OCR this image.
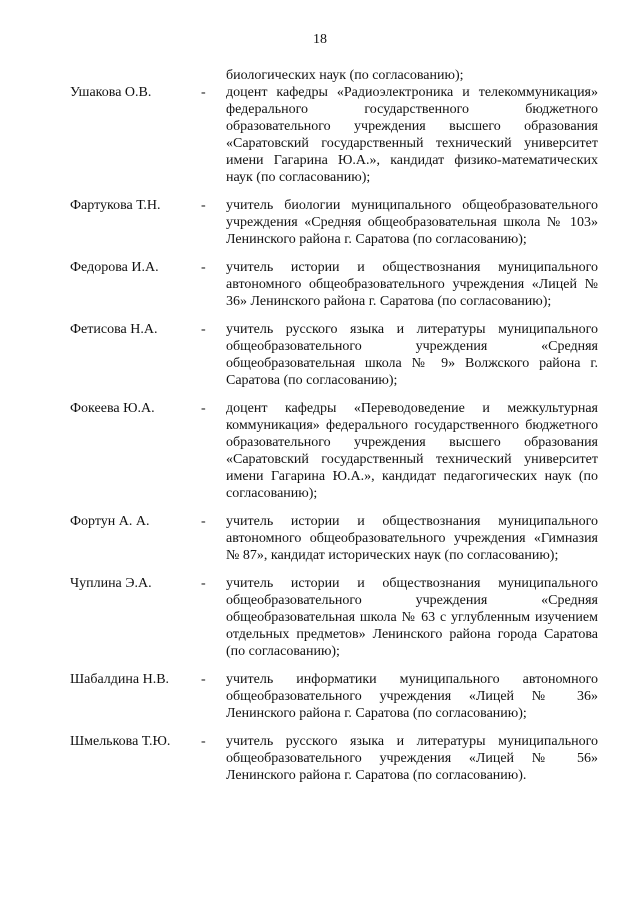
18
биологических наук (по согласованию);
Ушакова О.В.	- доцент кафедры «Радиоэлектроника и телекоммуникация» федерального государственного бюджетного образовательного учреждения высшего образования «Саратовский государственный технический университет имени Гагарина Ю.А.», кандидат физико-математических наук (по согласованию);
Фартукова Т.Н.	- учитель биологии муниципального общеобразовательного учреждения «Средняя общеобразовательная школа № 103» Ленинского района г. Саратова (по согласованию);
Федорова И.А.	- учитель истории и обществознания муниципального автономного общеобразовательного учреждения «Лицей № 36» Ленинского района г. Саратова (по согласованию);
Фетисова Н.А.	- учитель русского языка и литературы муниципального общеобразовательного учреждения «Средняя общеобразовательная школа № 9» Волжского района г. Саратова (по согласованию);
Фокеева Ю.А.	- доцент кафедры «Переводоведение и межкультурная коммуникация» федерального государственного бюджетного образовательного учреждения высшего образования «Саратовский государственный технический университет имени Гагарина Ю.А.», кандидат педагогических наук (по согласованию);
Фортун А. А.	- учитель истории и обществознания муниципального автономного общеобразовательного учреждения «Гимназия № 87», кандидат исторических наук (по согласованию);
Чуплина Э.А.	- учитель истории и обществознания муниципального общеобразовательного учреждения «Средняя общеобразовательная школа № 63 с углубленным изучением отдельных предметов» Ленинского района города Саратова (по согласованию);
Шабалдина Н.В. - учитель информатики муниципального автономного общеобразовательного учреждения «Лицей № 36» Ленинского района г. Саратова (по согласованию);
Шмелькова Т.Ю. - учитель русского языка и литературы муниципального общеобразовательного учреждения «Лицей № 56» Ленинского района г. Саратова (по согласованию).
